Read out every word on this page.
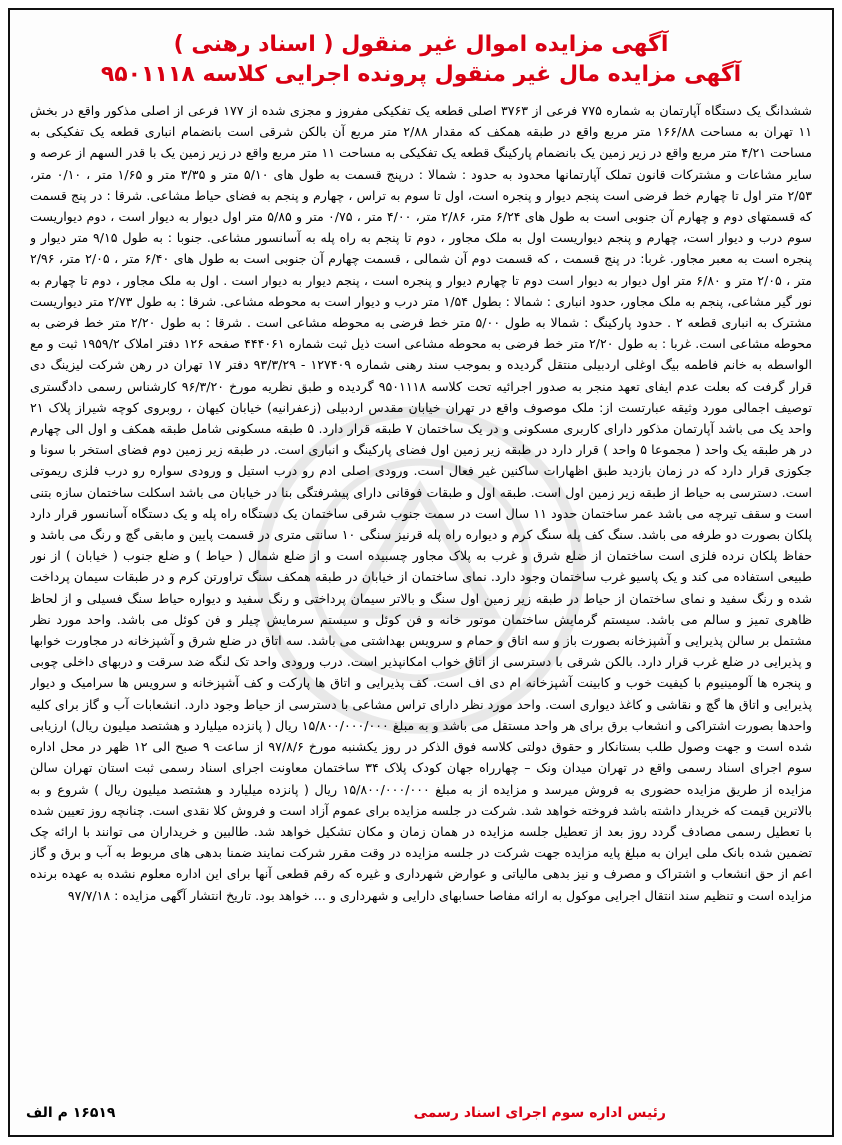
آگهی مزایده اموال غیر منقول ( اسناد رهنی )
آگهی مزایده مال غیر منقول پرونده اجرایی کلاسه ۹۵۰۱۱۱۸
ششدانگ یک دستگاه آپارتمان به شماره ۷۷۵ فرعی از ۳۷۶۳ اصلی قطعه یک تفکیکی مفروز و مجزی شده از ۱۷۷ فرعی از اصلی مذکور واقع در بخش ۱۱ تهران به مساحت ۱۶۶/۸۸ متر مربع واقع در طبقه همکف که مقدار ۲/۸۸ متر مربع آن بالکن شرقی است بانضمام انباری قطعه یک تفکیکی به مساحت ۴/۲۱ متر مربع واقع در زیر زمین یک بانضمام پارکینگ قطعه یک تفکیکی به مساحت ۱۱ متر مربع واقع در زیر زمین یک با قدر السهم از عرصه و سایر مشاعات و مشترکات قانون تملک آپارتمانها محدود به حدود : شمالا : درپنج قسمت به طول های ۵/۱۰ متر و ۳/۳۵ متر و ۱/۶۵ متر ، ۰/۱۰ متر، ۲/۵۳ متر اول تا چهارم خط فرضی است پنجم دیوار و پنجره است، اول تا سوم به تراس ، چهارم و پنجم به فضای حیاط مشاعی. شرقا : در پنج قسمت که قسمتهای دوم و چهارم آن جنوبی است به طول های ۶/۲۴ متر، ۲/۸۶ متر، ۴/۰۰ متر ، ۰/۷۵ متر و ۵/۸۵ متر اول دیوار به دیوار است ، دوم دیواریست سوم درب و دیوار است، چهارم و پنجم دیواریست اول به ملک مجاور ، دوم تا پنجم به راه پله به آسانسور مشاعی. جنوبا : به طول ۹/۱۵ متر دیوار و پنجره است به معبر مجاور. غربا: در پنج قسمت ، که قسمت دوم آن شمالی ، قسمت چهارم آن جنوبی است به طول های ۶/۴۰ متر ، ۲/۰۵ متر، ۲/۹۶ متر ، ۲/۰۵ متر و ۶/۸۰ متر اول دیوار به دیوار است دوم تا چهارم دیوار و پنجره است ، پنجم دیوار به دیوار است . اول به ملک مجاور ، دوم تا چهارم به نور گیر مشاعی، پنجم به ملک مجاور، حدود انباری : شمالا : بطول ۱/۵۴ متر درب و دیوار است به محوطه مشاعی. شرقا : به طول ۲/۷۳ متر دیواریست مشترک به انباری قطعه ۲ . حدود پارکینگ : شمالا به طول ۵/۰۰ متر خط فرضی به محوطه مشاعی است . شرقا : به طول ۲/۲۰ متر خط فرضی به محوطه مشاعی است. غربا : به طول ۲/۲۰ متر خط فرضی به محوطه مشاعی است ذیل ثبت شماره ۴۴۴۰۶۱ صفحه ۱۲۶ دفتر املاک ۱۹۵۹/۲ ثبت و مع الواسطه به خانم فاطمه بیگ اوغلی اردبیلی منتقل گردیده و بموجب سند رهنی شماره ۱۲۷۴۰۹ - ۹۳/۳/۲۹ دفتر ۱۷ تهران در رهن شرکت لیزینگ دی قرار گرفت که بعلت عدم ایفای تعهد منجر به صدور اجرائیه تحت کلاسه ۹۵۰۱۱۱۸ گردیده و طبق نظریه مورخ ۹۶/۳/۲۰ کارشناس رسمی دادگستری توصیف اجمالی مورد وثیقه عبارتست از: ملک موصوف واقع در تهران خیابان مقدس اردبیلی (زعفرانیه) خیابان کیهان ، روبروی کوچه شیراز پلاک ۲۱ واحد یک می باشد آپارتمان مذکور دارای کاربری مسکونی و در یک ساختمان ۷ طبقه قرار دارد. ۵ طبقه مسکونی شامل طبقه همکف و اول الی چهارم در هر طبقه یک واحد ( مجموعا ۵ واحد ) قرار دارد در طبقه زیر زمین اول فضای پارکینگ و انباری است. در طبقه زیر زمین دوم فضای استخر با سونا و جکوزی قرار دارد که در زمان بازدید طبق اظهارات ساکنین غیر فعال است. ورودی اصلی ادم رو درب استیل و ورودی سواره رو درب فلزی ریموتی است. دسترسی به حیاط از طبقه زیر زمین اول است. طبقه اول و طبقات فوقانی دارای پیشرفتگی بنا در خیابان می باشد اسکلت ساختمان سازه بتنی است و سقف تیرچه می باشد عمر ساختمان حدود ۱۱ سال است در سمت جنوب شرقی ساختمان یک دستگاه راه پله و یک دستگاه آسانسور قرار دارد پلکان بصورت دو طرفه می باشد. سنگ کف پله سنگ کرم و دیواره راه پله قرنیز سنگی ۱۰ سانتی متری در قسمت پایین و مابقی گچ و رنگ می باشد و حفاظ پلکان نرده فلزی است ساختمان از ضلع شرق و غرب به پلاک مجاور چسبیده است و از ضلع شمال ( حیاط ) و ضلع جنوب ( خیابان ) از نور طبیعی استفاده می کند و یک پاسیو غرب ساختمان وجود دارد. نمای ساختمان از خیابان در طبقه همکف سنگ تراورتن کرم و در طبقات سیمان پرداخت شده و رنگ سفید و نمای ساختمان از حیاط در طبقه زیر زمین اول سنگ و بالاتر سیمان پرداختی و رنگ سفید و دیواره حیاط سنگ فسیلی و از لحاظ ظاهری تمیز و سالم می باشد. سیستم گرمایش ساختمان موتور خانه و فن کوئل و سیستم سرمایش چیلر و فن کوئل می باشد. واحد مورد نظر مشتمل بر سالن پذیرایی و آشپزخانه بصورت باز و سه اتاق و حمام و سرویس بهداشتی می باشد. سه اتاق در ضلع شرق و آشپزخانه در مجاورت خوابها و پذیرایی در ضلع غرب قرار دارد. بالکن شرقی با دسترسی از اتاق خواب امکانپذیر است. درب ورودی واحد تک لنگه ضد سرقت و دربهای داخلی چوبی و پنجره ها آلومینیوم با کیفیت خوب و کابینت آشپزخانه ام دی اف است. کف پذیرایی و اتاق ها پارکت و کف آشپزخانه و سرویس ها سرامیک و دیوار پذیرایی و اتاق ها گچ و نقاشی و کاغذ دیواری است. واحد مورد نظر دارای تراس مشاعی با دسترسی از حیاط وجود دارد. انشعابات آب و گاز برای کلیه واحدها بصورت اشتراکی و انشعاب برق برای هر واحد مستقل می باشد و به مبلغ ۱۵/۸۰۰/۰۰۰/۰۰۰ ریال ( پانزده میلیارد و هشتصد میلیون ریال) ارزیابی شده است و جهت وصول طلب بستانکار و حقوق دولتی کلاسه فوق الذکر در روز یکشنبه مورخ ۹۷/۸/۶ از ساعت ۹ صبح الی ۱۲ ظهر در محل اداره سوم اجرای اسناد رسمی واقع در تهران میدان ونک – چهارراه جهان کودک پلاک ۳۴ ساختمان معاونت اجرای اسناد رسمی ثبت استان تهران سالن مزایده از طریق مزایده حضوری به فروش میرسد و مزایده از به مبلغ ۱۵/۸۰۰/۰۰۰/۰۰۰ ریال ( پانزده میلیارد و هشتصد میلیون ریال ) شروع و به بالاترین قیمت که خریدار داشته باشد فروخته خواهد شد. شرکت در جلسه مزایده برای عموم آزاد است و فروش کلا نقدی است. چنانچه روز تعیین شده با تعطیل رسمی مصادف گردد روز بعد از تعطیل جلسه مزایده در همان زمان و مکان تشکیل خواهد شد. طالبین و خریداران می توانند با ارائه چک تضمین شده بانک ملی ایران به مبلغ پایه مزایده جهت شرکت در جلسه مزایده در وقت مقرر شرکت نمایند ضمنا بدهی های مربوط به آب و برق و گاز اعم از حق انشعاب و اشتراک و مصرف و نیز بدهی مالیاتی و عوارض شهرداری و غیره که رقم قطعی آنها برای این اداره معلوم نشده به عهده برنده مزایده است و تنظیم سند انتقال اجرایی موکول به ارائه مفاصا حسابهای دارایی و شهرداری و ... خواهد بود. تاریخ انتشار آگهی مزایده : ۹۷/۷/۱۸
رئیس اداره سوم اجرای اسناد رسمی
۱۶۵۱۹ م الف
